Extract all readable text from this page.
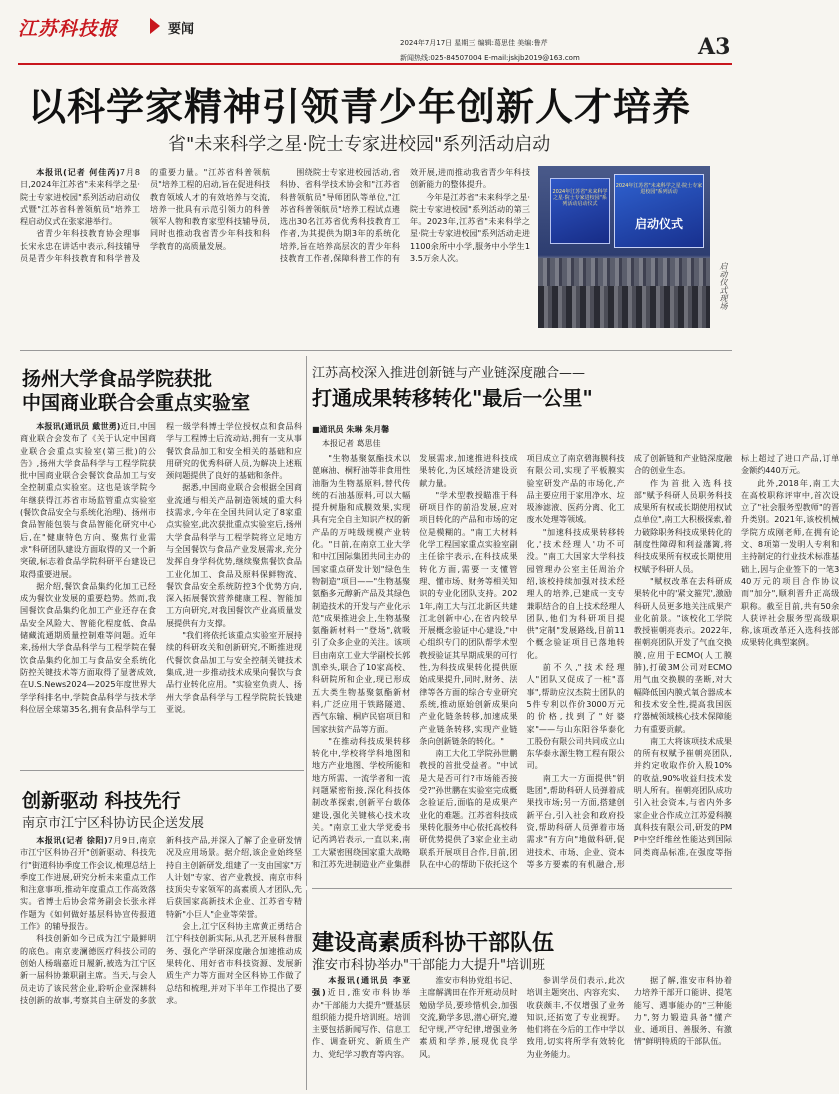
江苏科技报	要闻
2024年7月17日 星期三 编辑:葛思佳 美编:鲁芹
新闻热线:025-84507004 E-mail:jskjb2019@163.com	A3
以科学家精神引领青少年创新人才培养
省"未来科学之星·院士专家进校园"系列活动启动

本报讯(记者 何佳芮)7月8日,2024年江苏省"未来科学之星·院士专家进校园"系列活动启动仪式暨"江苏省科普领航员"培养工程启动仪式在张家港举行。

省青少年科技教育协会理事长宋永忠在讲话中表示,科技辅导员是青少年科技教育和科学普及的重要力量。"江苏省科普领航员"培养工程的启动,旨在促进科技教育领域人才的有效培养与交流,培养一批具有示范引领力的科普领军人物和教育家型科技辅导员,同时也推动我省青少年科技和科学教育的高质量发展。

围绕院士专家进校园活动,省科协、省科学技术协会和"江苏省科普领航员"导师团队等单位,"江苏省科普领航员"培养工程试点遴选出30名江苏省优秀科技教育工作者,为其提供为期3年的系统化培养,旨在培养高层次的青少年科技教育工作者,保障科普工作的有效开展,进而推动我省青少年科技创新能力的整体提升。

今年是江苏省"未来科学之星·院士专家进校园"系列活动的第三年。2023年,江苏省"未来科学之星·院士专家进校园"系列活动走进1100余所中小学,服务中小学生13.5万余人次。

2024年江苏省"未来科学之星·院士专家进校园"系列活动启动仪式
2024年江苏省"未来科学之星·院士专家进校园"系列活动
启动仪式
启动仪式现场
扬州大学食品学院获批
中国商业联合会重点实验室

本报讯(通讯员 戴世勇)近日,中国商业联合会发布了《关于认定中国商业联合会重点实验室(第三批)的公告》,扬州大学食品科学与工程学院获批中国商业联合会餐饮食品加工与安全控制重点实验室。这也是该学院今年继获得江苏省市场监管重点实验室(餐饮食品安全与系统化治理)、扬州市食品智能包装与食品智能化研究中心后,在"健康特色方向、聚焦行业需求"科研团队建设方面取得的又一个新突破,标志着食品学院科研平台建设已取得重要进展。

据介绍,餐饮食品集约化加工已经成为餐饮业发展的重要趋势。然而,我国餐饮食品集约化加工产业还存在食品安全风险大、智能化程度低、食品储藏流通期质量控制难等问题。近年来,扬州大学食品科学与工程学院在餐饮食品集约化加工与食品安全系统化防控关键技术等方面取得了显著成效,在U.S.News2024—2025年度世界大学学科排名中,学院食品科学与技术学科位居全球第35名,拥有食品科学与工程一级学科博士学位授权点和食品科学与工程博士后流动站,拥有一支从事餐饮食品加工和安全相关的基础和应用研究的优秀科研人员,为解决上述瓶颈问题提供了良好的基础和条件。

据悉,中国商业联合会根据全国商业流通与相关产品制造领域的重大科技需求,今年在全国共同认定了8家重点实验室,此次获批重点实验室后,扬州大学食品科学与工程学院将立足地方与全国餐饮与食品产业发展需求,充分发挥自身学科优势,继续聚焦餐饮食品工业化加工、食品及原料保鲜物流、餐饮食品安全系统防控3个优势方向,深入拓展餐饮营养健康工程、智能加工方向研究,对我国餐饮产业高质量发展提供有力支撑。

"我们将依托该重点实验室开展持续的科研攻关和创新研究,不断推进现代餐饮食品加工与安全控制关键技术集成,进一步推动技术成果向餐饮与食品行业转化应用。"实验室负责人、扬州大学食品科学与工程学院院长钱建亚说。

创新驱动 科技先行
南京市江宁区科协访民企送发展

本报讯(记者 徐阳)7月9日,南京市江宁区科协召开"创新驱动、科技先行"街道科协季度工作会议,梳理总结上季度工作进展,研究分析未来重点工作和注意事项,推动年度重点工作高效落实。省博士后协会常务副会长张永祥作题为《如何做好基层科协宣传报道工作》的辅导报告。

科技创新如今已成为江宁最鲜明的底色。南京麦澜德医疗科技公司的创始人杨瑞嘉近日履新,被选为江宁区新一届科协兼职副主席。当天,与会人员走访了该民营企业,聆听企业深耕科技创新的故事,考察其自主研发的多款新科技产品,并深入了解了企业研发情况及应用场景。据介绍,该企业始终坚持自主创新研发,组建了一支由国家"万人计划"专家、省产业教授、南京市科技顶尖专家领军的高素质人才团队,先后获国家高新技术企业、江苏省专精特新"小巨人"企业等荣誉。

会上,江宁区科协主席黄正勇结合江宁科技创新实际,从孔艺开展科普服务、强化产学研深度融合加速推动成果转化、用好省市科技资源、发展新质生产力等方面对全区科协工作做了总结和梳理,并对下半年工作提出了要求。

江苏高校深入推进创新链与产业链深度融合——
打通成果转移转化"最后一公里"
■通讯员 朱琳 朱月馨
本报记者 葛思佳

"生物基聚氨酯技术以蓖麻油、桐籽油等非食用性油脂为生物基原料,替代传统的石油基原料,可以大幅提升树脂和成膜效果,实现具有完全自主知识产权的新产品的万吨级规模产业转化。"日前,在南京工业大学和中江国际集团共同主办的国家重点研发计划"绿色生物制造"项目——"生物基聚氨酯多元醇新产品及其绿色制造技术的开发与产业化示范"成果推进会上,生物基聚氨酯新材料一"登场",就吸引了众多企业的关注。该项目由南京工业大学副校长郭凯牵头,联合了10家高校、科研院所和企业,现已形成五大类生物基聚氨酯新材料,广泛应用于铁路隧道、西气东输、桐庐民宿项目和国家扶贫产品等方面。

"在推动科技成果转移转化中,学校将学科地图和地方产业地图、学校所能和地方所需、一流学者和一流问题紧密衔接,深化科技体制改革探索,创新平台载体建设,强化关键核心技术攻关。"南京工业大学党委书记芮鸿岩表示,一直以来,南工大紧密围绕国家重大战略和江苏先进制造业产业集群发展需求,加速推进科技成果转化,为区域经济建设贡献力量。

"学术型教授瞄准于科研项目作的前沿发展,应对项目转化的产品和市场的定位是模糊的。"南工大材料化学工程国家重点实验室副主任徐宇表示,在科技成果转化方面,需要一支懂管理、懂市场、财务等相关知识的专业化团队支持。2021年,南工大与江北新区共建江北创新中心,在省内较早开展概念验证中心建设,"中心组织专门的团队帮学术型教授验证其早期成果的可行性,为科技成果转化提供原始成果提升,同时,财务、法律等各方面的综合专业研究系统,推动原始创新成果向产业化链条转移,加速成果产业链条转移,实现产业链条向创新链条的转化。"

南工大化工学院孙世鹏教授的首批受益者。"中试是大是否可行?市场能否接受?"孙世鹏在实验室完成概念验证后,面临的是成果产业化的难题。江苏省科技成果转化服务中心依托高校科研优势提供了3家企业主动联系开展项目合作,目前,团队在中心的帮助下依托这个项目成立了南京碧海膜科技有限公司,实现了平板膜实验室研发产品的市场化,产品主要应用于家用净水、垃圾渗滤液、医药分离、化工废水处理等领域。

"加速科技成果转移转化,'技术经理人'功不可没。"南工大国家大学科技园管理办公室主任周治介绍,该校持续加强对技术经理人的培养,已建成一支专兼职结合的自上技术经理人团队,他们为科研项目提供"定制"发展路线,目前11个概念验证项目已落地转化。

前不久,"技术经理人"团队又促成了一桩"喜事",帮助应汉杰院士团队的5件专利以作价3000万元的价格,找到了"好婆家"——与山东阳谷华泰化工股份有限公司共同成立山东华泰永源生物工程有限公司。

南工大一方面提供"钥匙团",帮助科研人员弹着成果找市场;另一方面,搭建创新平台,引入社会和政府投资,帮助科研人员弹着市场需求"有方向"地做科研,促进技术、市场、企业、资本等多方要素的有机融合,形成了创新链和产业链深度融合的创业生态。

作为首批入选科技部"赋予科研人员职务科技成果所有权或长期使用权试点单位",南工大积极探索,着力破除职务科技成果转化的制度性障碍和利益藩篱,将科技成果所有权或长期使用权赋予科研人员。

"赋权改革在去科研成果转化中的'紧文箍咒',激励科研人员更多地关注成果产业化前景。"该校化工学院教授崔朝亮表示。2022年,崔朝亮团队开发了气血交换膜,应用于ECMO(人工膜肺),打破3M公司对ECMO用气血交换膜的垄断,对大幅降低国内膜式氧合器成本和技术安全性,提高我国医疗器械领域核心技术保障能力有重要贡献。

南工大将该项技术成果的所有权赋予崔朝亮团队,并约定收取作价入股10%的收益,90%收益归技术发明人所有。崔朝亮团队成功引入社会资本,与省内外多家企业合作成立江苏爱科膜真科技有限公司,研发的PMP中空纤维丝性能达到国际同类商品标准,在强度等指标上超过了进口产品,订单金额约440万元。

此外,2018年,南工大在高校职称评审中,首次设立了"社会服务型教师"的晋升类别。2021年,该校机械学院方成刚老师,在拥有论文、8项第一发明人专利和主持制定的行业技术标准基础上,因与企业签下的一笔340万元的项目合作协议而"加分",顺利晋升正高级职称。截至目前,共有50余人获评社会服务型高级职称,该项改革还入选科技部成果转化典型案例。

建设高素质科协干部队伍
淮安市科协举办"干部能力大提升"培训班

本报讯(通讯员 李亚强)近日,淮安市科协举办"干部能力大提升"暨基层组织能力提升培训班。培训主要包括新闻写作、信息工作、调查研究、新质生产力、党纪学习教育等内容。

淮安市科协党组书记、主席解满田在作开班动员时勉励学员,要珍惜机会,加强交流,勤学多思,潜心研究,遵纪守规,严守纪律,增强业务素质和学养,展现优良学风。

参训学员们表示,此次培训主题突出、内容充实、收获颇丰,不仅增强了业务知识,还拓宽了专业视野。他们将在今后的工作中学以致用,切实将所学有效转化为业务能力。

据了解,淮安市科协着力培养干部开口能讲、提笔能写、遇事能办的"三种能力",努力锻造具备"懂产业、通项目、善服务、有激情"鲜明特质的干部队伍。
